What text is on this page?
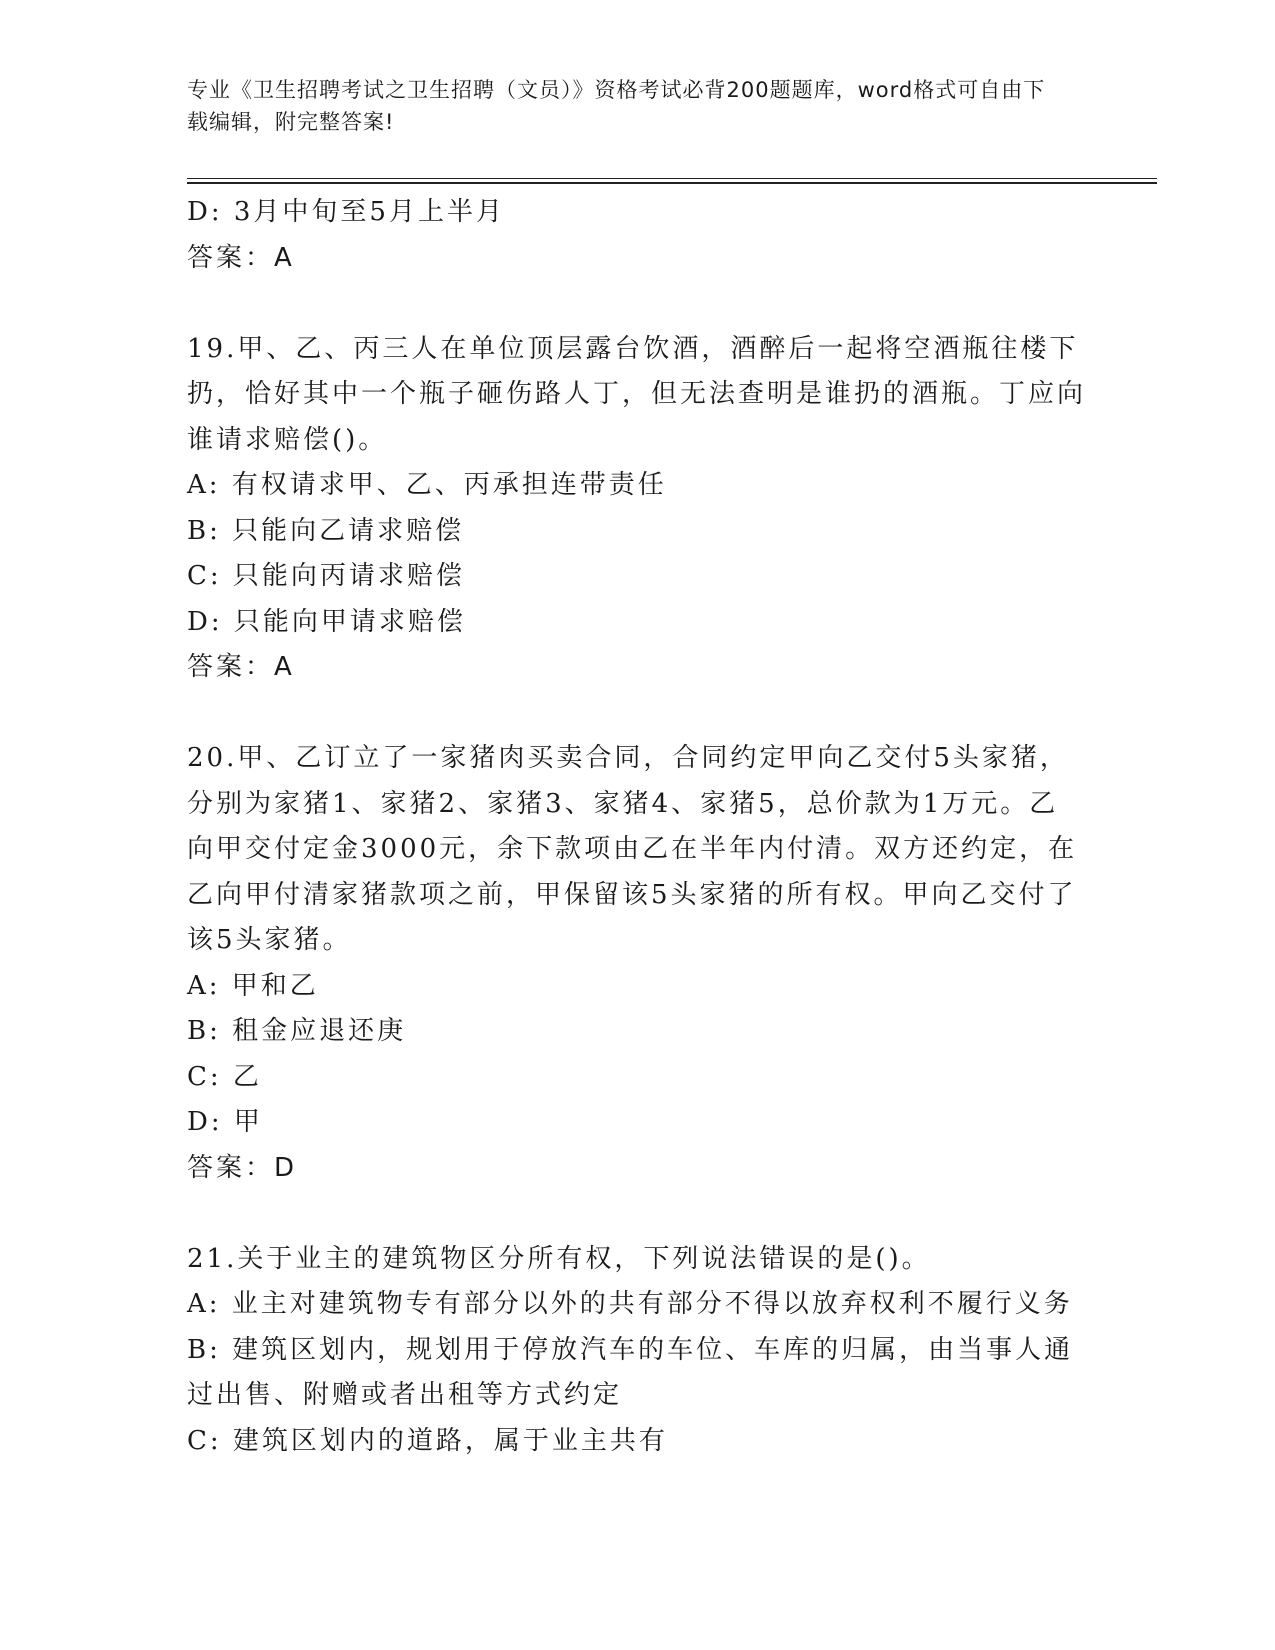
专业《卫生招聘考试之卫生招聘（文员）》资格考试必背200题题库，word格式可自由下载编辑，附完整答案!
D: 3月中旬至5月上半月
答案：A
19.甲、乙、丙三人在单位顶层露台饮酒，酒醉后一起将空酒瓶往楼下扔，恰好其中一个瓶子砸伤路人丁，但无法查明是谁扔的酒瓶。丁应向谁请求赔偿()。
A: 有权请求甲、乙、丙承担连带责任
B: 只能向乙请求赔偿
C: 只能向丙请求赔偿
D: 只能向甲请求赔偿
答案：A
20.甲、乙订立了一家猪肉买卖合同，合同约定甲向乙交付5头家猪，分别为家猪1、家猪2、家猪3、家猪4、家猪5，总价款为1万元。乙向甲交付定金3000元，余下款项由乙在半年内付清。双方还约定，在乙向甲付清家猪款项之前，甲保留该5头家猪的所有权。甲向乙交付了该5头家猪。
A: 甲和乙
B: 租金应退还庚
C: 乙
D: 甲
答案：D
21.关于业主的建筑物区分所有权，下列说法错误的是()。
A: 业主对建筑物专有部分以外的共有部分不得以放弃权利不履行义务
B: 建筑区划内，规划用于停放汽车的车位、车库的归属，由当事人通过出售、附赠或者出租等方式约定
C: 建筑区划内的道路，属于业主共有
